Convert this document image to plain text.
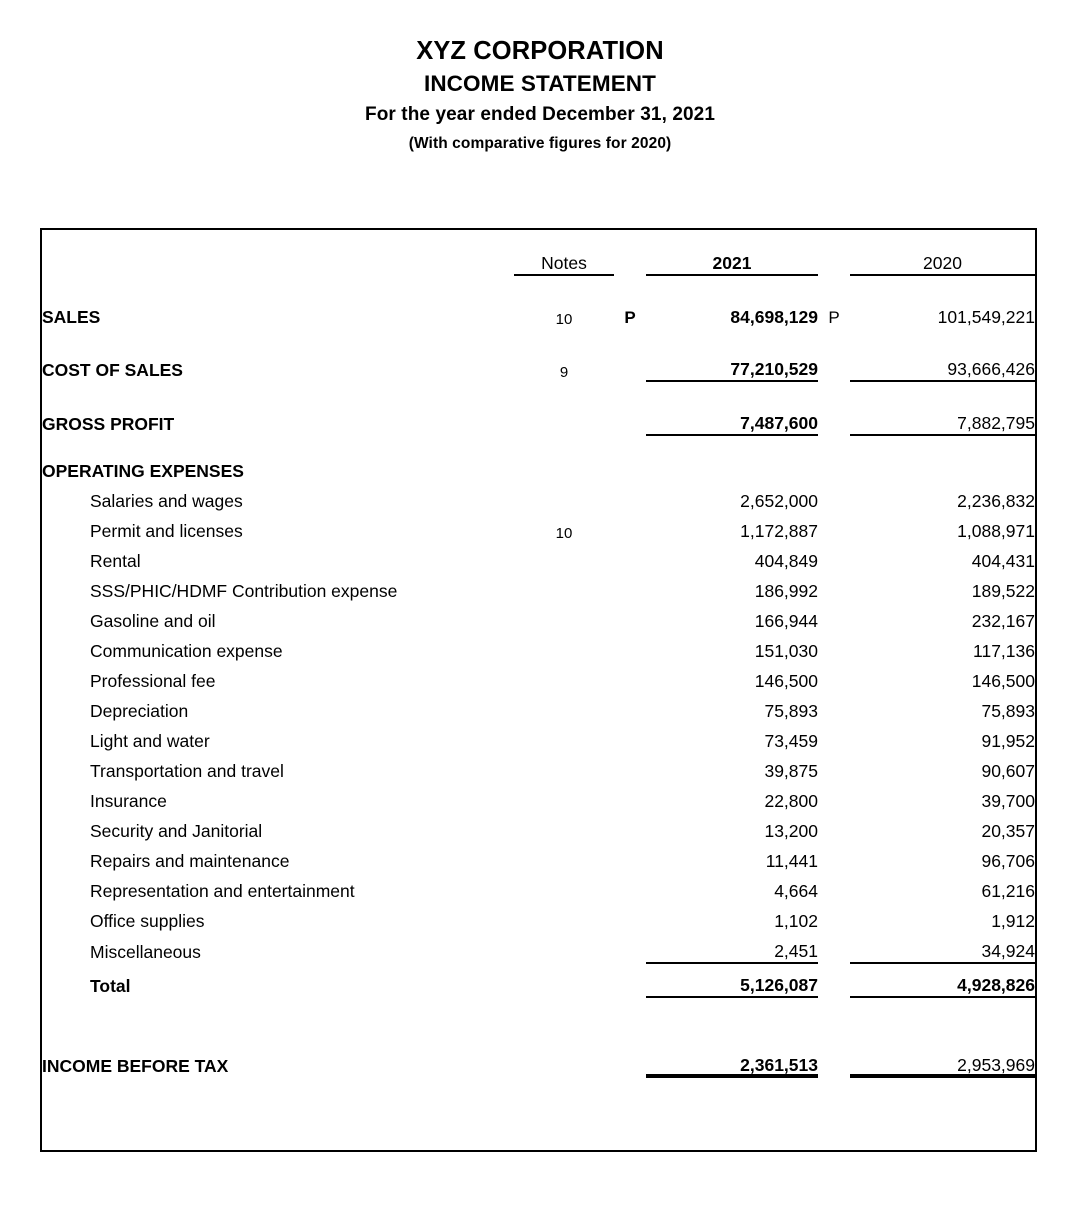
XYZ CORPORATION
INCOME STATEMENT
For the year ended December 31, 2021
(With comparative figures for 2020)
	Notes		2021		2020
SALES	10	P	84,698,129	P	101,549,221
COST OF SALES	9		77,210,529		93,666,426
GROSS PROFIT			7,487,600		7,882,795
OPERATING EXPENSES					
Salaries and wages			2,652,000		2,236,832
Permit and licenses	10		1,172,887		1,088,971
Rental			404,849		404,431
SSS/PHIC/HDMF Contribution expense			186,992		189,522
Gasoline and oil			166,944		232,167
Communication expense			151,030		117,136
Professional fee			146,500		146,500
Depreciation			75,893		75,893
Light and water			73,459		91,952
Transportation and travel			39,875		90,607
Insurance			22,800		39,700
Security and Janitorial			13,200		20,357
Repairs and maintenance			11,441		96,706
Representation and entertainment			4,664		61,216
Office supplies			1,102		1,912
Miscellaneous			2,451		34,924
Total			5,126,087		4,928,826

INCOME BEFORE TAX			2,361,513		2,953,969
